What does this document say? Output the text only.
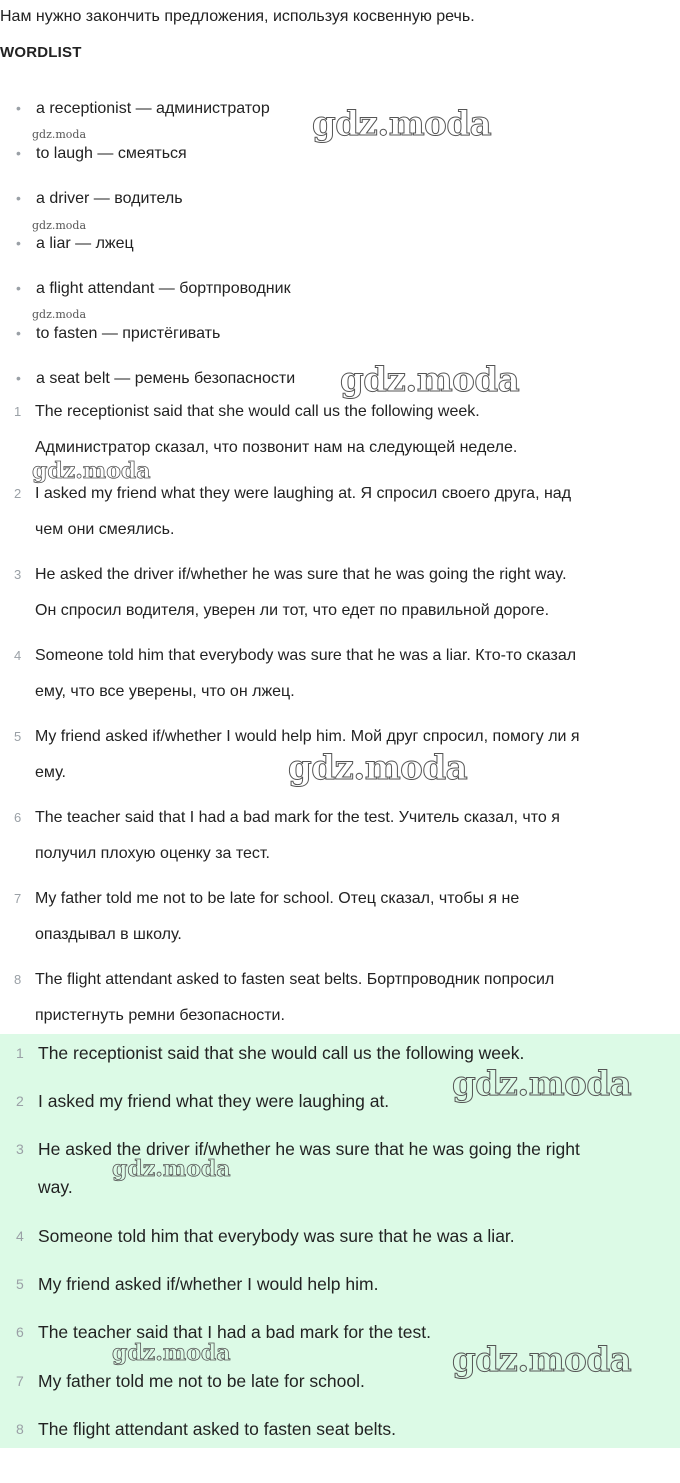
Нам нужно закончить предложения, используя косвенную речь.
WORDLIST
• a receptionist — администратор
• to laugh — смеяться
• a driver — водитель
• a liar — лжец
• a flight attendant — бортпроводник
• to fasten — пристёгивать
• a seat belt — ремень безопасности
1 The receptionist said that she would call us the following week.
Администратор сказал, что позвонит нам на следующей неделе.
2 I asked my friend what they were laughing at. Я спросил своего друга, над
чем они смеялись.
3 He asked the driver if/whether he was sure that he was going the right way.
Он спросил водителя, уверен ли тот, что едет по правильной дороге.
4 Someone told him that everybody was sure that he was a liar. Кто-то сказал
ему, что все уверены, что он лжец.
5 My friend asked if/whether I would help him. Мой друг спросил, помогу ли я
ему.
6 The teacher said that I had a bad mark for the test. Учитель сказал, что я
получил плохую оценку за тест.
7 My father told me not to be late for school. Отец сказал, чтобы я не
опаздывал в школу.
8 The flight attendant asked to fasten seat belts. Бортпроводник попросил
пристегнуть ремни безопасности.
1 The receptionist said that she would call us the following week.
2 I asked my friend what they were laughing at.
3 He asked the driver if/whether he was sure that he was going the right
way.
4 Someone told him that everybody was sure that he was a liar.
5 My friend asked if/whether I would help him.
6 The teacher said that I had a bad mark for the test.
7 My father told me not to be late for school.
8 The flight attendant asked to fasten seat belts.
gdz.moda
gdz.moda
gdz.moda
gdz.moda
gdz.moda
gdz.moda
gdz.moda
